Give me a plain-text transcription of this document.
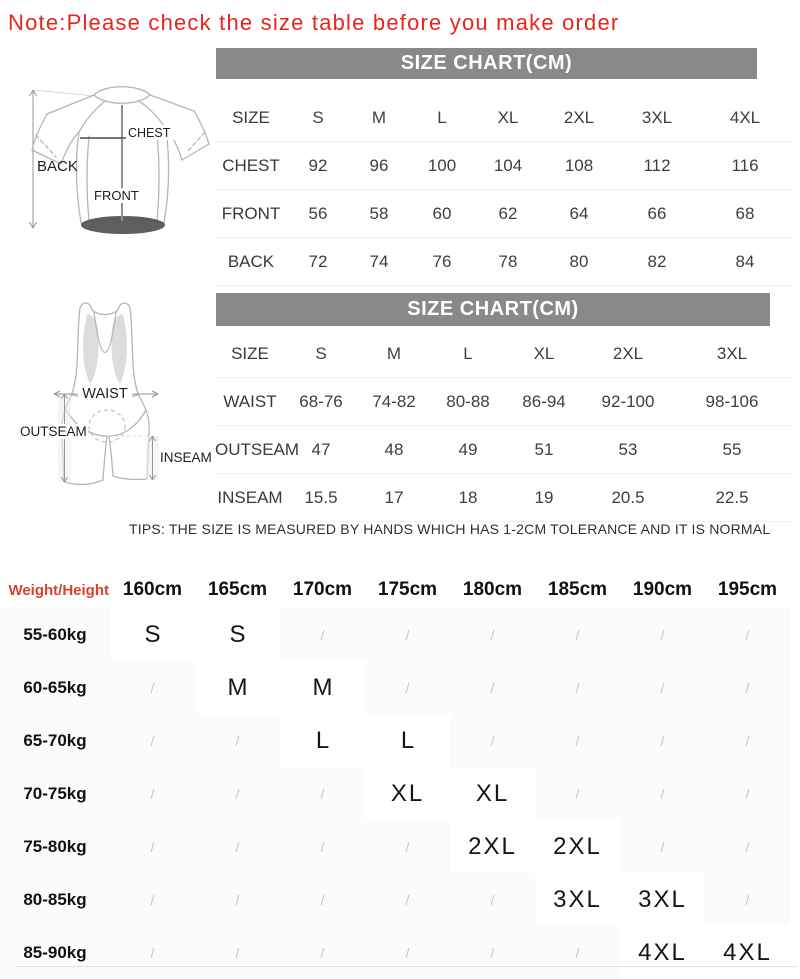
Note:Please check the size table before you make order
SIZE CHART(CM)
CHEST
FRONT
BACK
SIZE	S	M	L	XL	2XL	3XL	4XL
CHEST	92	96	100	104	108	112	116
FRONT	56	58	60	62	64	66	68
BACK	72	74	76	78	80	82	84
SIZE CHART(CM)
WAIST
OUTSEAM
INSEAM
SIZE	S	M	L	XL	2XL	3XL
WAIST	68-76	74-82	80-88	86-94	92-100	98-106
OUTSEAM	47	48	49	51	53	55
INSEAM	15.5	17	18	19	20.5	22.5
TIPS: THE SIZE IS MEASURED BY HANDS WHICH HAS 1-2CM TOLERANCE AND IT IS NORMAL
Weight/Height	160cm	165cm	170cm	175cm	180cm	185cm	190cm	195cm
55-60kg	S	S	/	/	/	/	/	/
60-65kg	/	M	M	/	/	/	/	/
65-70kg	/	/	L	L	/	/	/	/
70-75kg	/	/	/	XL	XL	/	/	/
75-80kg	/	/	/	/	2XL	2XL	/	/
80-85kg	/	/	/	/	/	3XL	3XL	/
85-90kg	/	/	/	/	/	/	4XL	4XL
